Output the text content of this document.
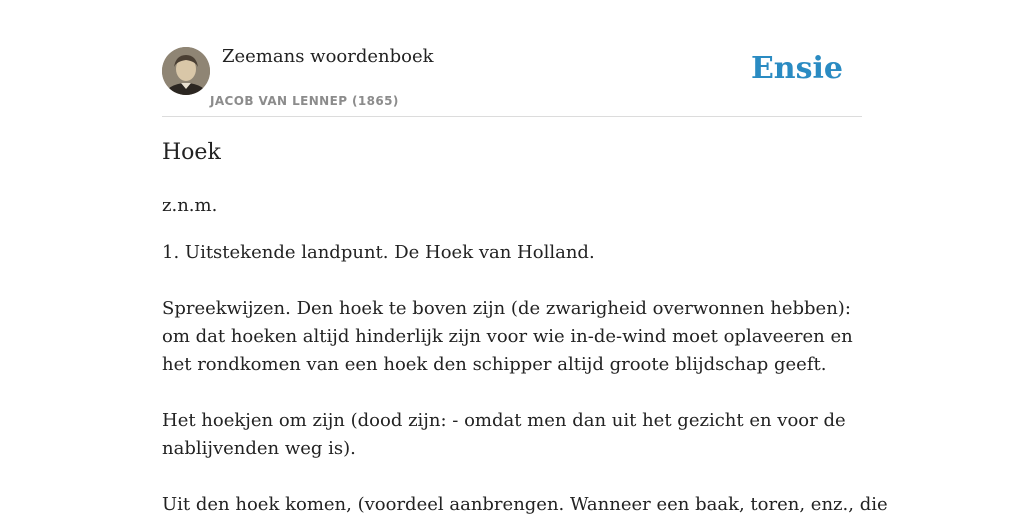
Zeemans woordenboek
JACOB VAN LENNEP (1865)
Ensie
Hoek

z.n.m.

1. Uitstekende landpunt. De Hoek van Holland.

Spreekwijzen. Den hoek te boven zijn (de zwarigheid overwonnen hebben): om dat hoeken altijd hinderlijk zijn voor wie in-de-wind moet oplaveeren en het rondkomen van een hoek den schipper altijd groote blijdschap geeft.

Het hoekjen om zijn (dood zijn: - omdat men dan uit het gezicht en voor de nablijvenden weg is).

Uit den hoek komen, (voordeel aanbrengen. Wanneer een baak, toren, enz., die
